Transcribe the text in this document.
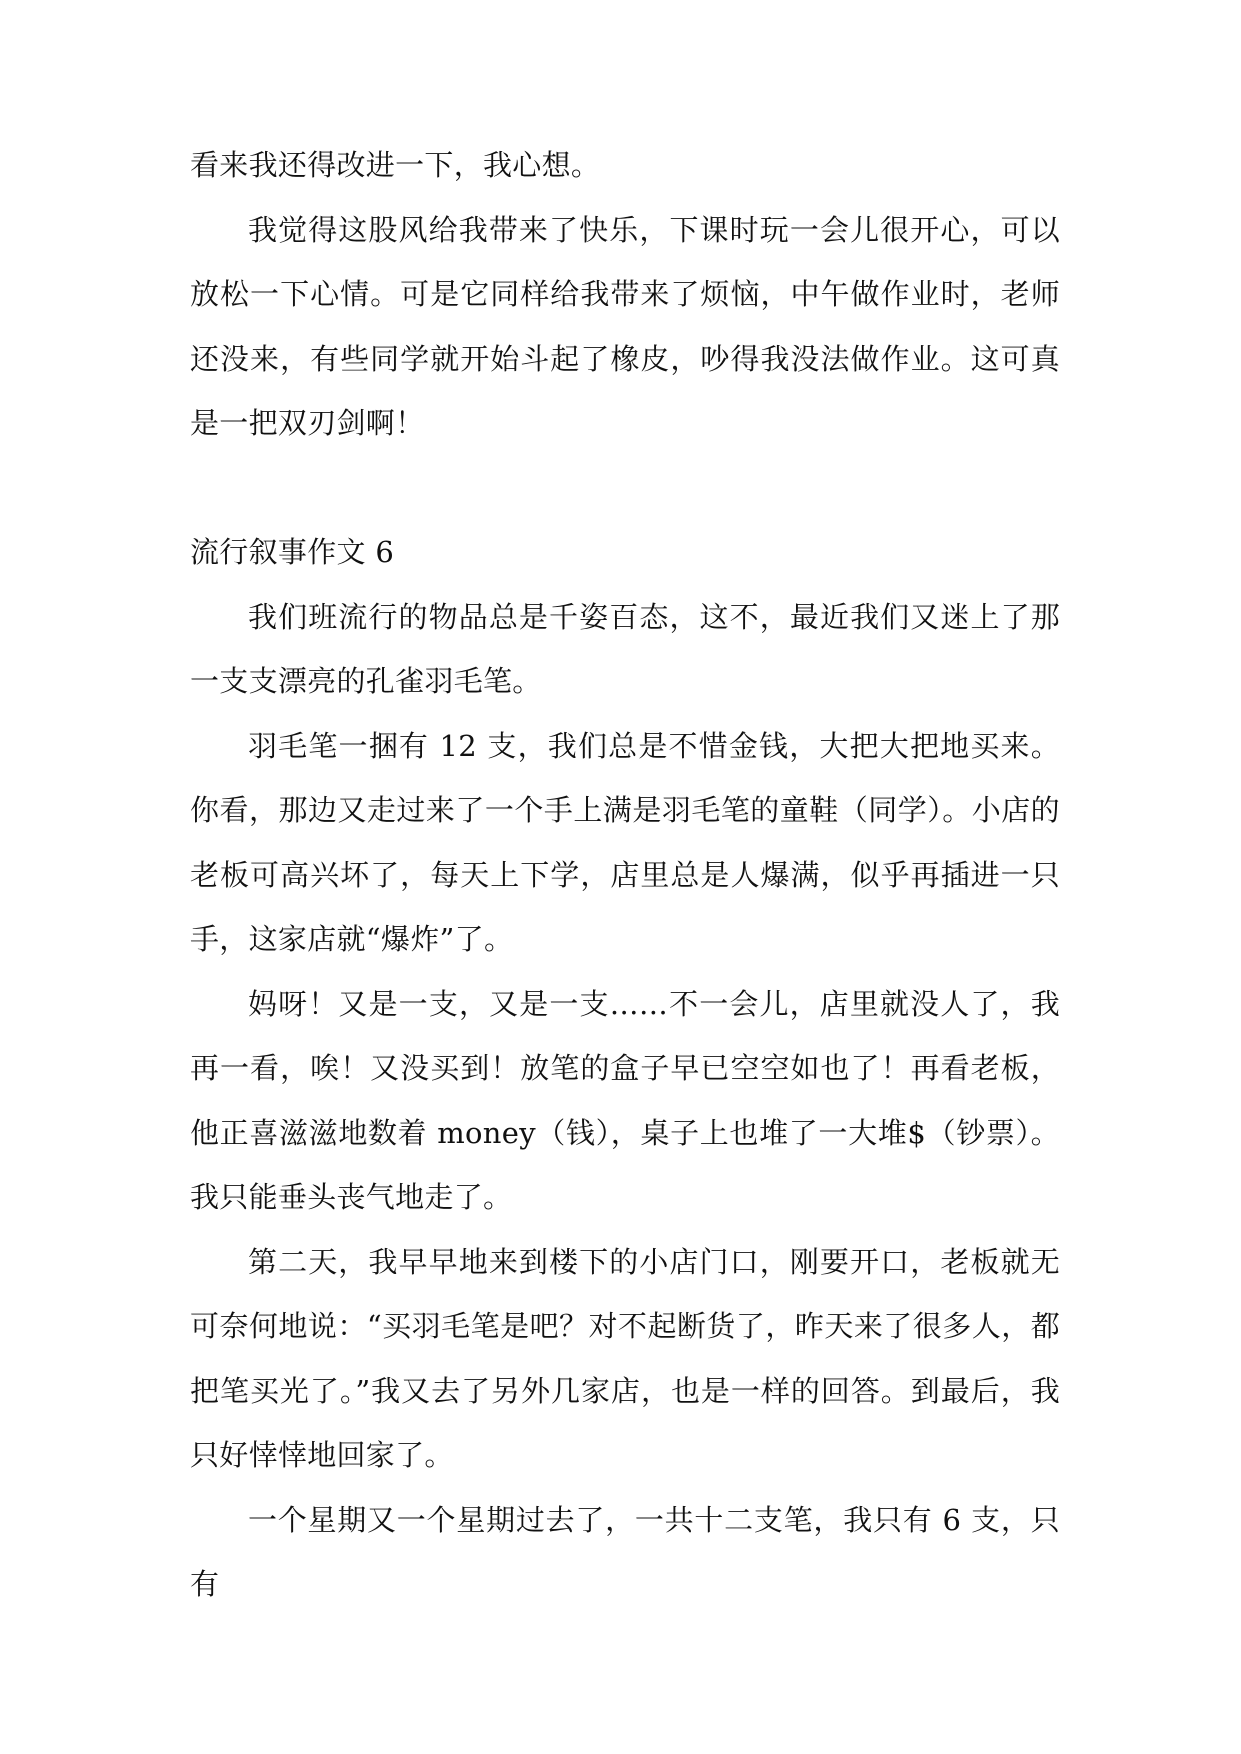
看来我还得改进一下，我心想。

我觉得这股风给我带来了快乐，下课时玩一会儿很开心，可以放松一下心情。可是它同样给我带来了烦恼，中午做作业时，老师还没来，有些同学就开始斗起了橡皮，吵得我没法做作业。这可真是一把双刃剑啊！

流行叙事作文 6

我们班流行的物品总是千姿百态，这不，最近我们又迷上了那一支支漂亮的孔雀羽毛笔。

羽毛笔一捆有 12 支，我们总是不惜金钱，大把大把地买来。你看，那边又走过来了一个手上满是羽毛笔的童鞋（同学）。小店的老板可高兴坏了，每天上下学，店里总是人爆满，似乎再插进一只手，这家店就“爆炸”了。

妈呀！又是一支，又是一支……不一会儿，店里就没人了，我再一看，唉！又没买到！放笔的盒子早已空空如也了！再看老板，他正喜滋滋地数着 money（钱），桌子上也堆了一大堆$（钞票）。我只能垂头丧气地走了。

第二天，我早早地来到楼下的小店门口，刚要开口，老板就无可奈何地说：“买羽毛笔是吧？对不起断货了，昨天来了很多人，都把笔买光了。”我又去了另外几家店，也是一样的回答。到最后，我只好悻悻地回家了。

一个星期又一个星期过去了，一共十二支笔，我只有 6 支，只有
